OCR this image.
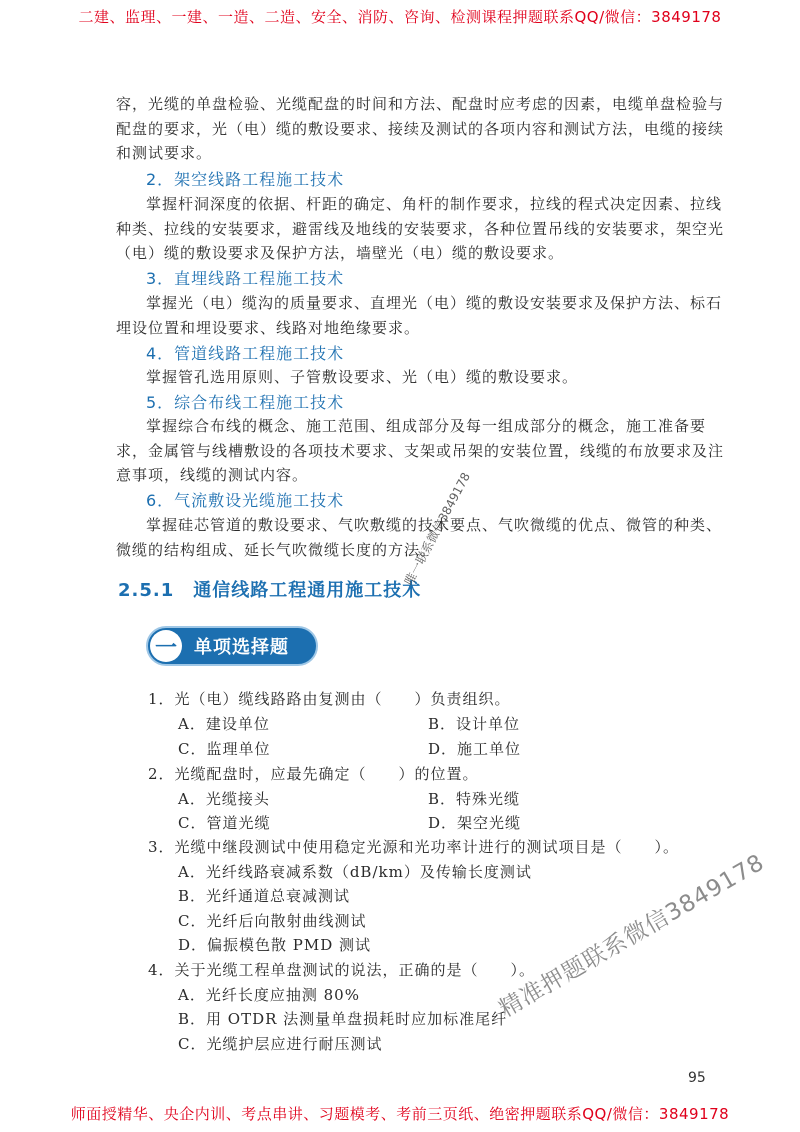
二建、监理、一建、一造、二造、安全、消防、咨询、检测课程押题联系QQ/微信：3849178

容，光缆的单盘检验、光缆配盘的时间和方法、配盘时应考虑的因素，电缆单盘检验与配盘的要求，光（电）缆的敷设要求、接续及测试的各项内容和测试方法，电缆的接续和测试要求。

2．架空线路工程施工技术

掌握杆洞深度的依据、杆距的确定、角杆的制作要求，拉线的程式决定因素、拉线种类、拉线的安装要求，避雷线及地线的安装要求，各种位置吊线的安装要求，架空光（电）缆的敷设要求及保护方法，墙壁光（电）缆的敷设要求。

3．直埋线路工程施工技术

掌握光（电）缆沟的质量要求、直埋光（电）缆的敷设安装要求及保护方法、标石埋设位置和埋设要求、线路对地绝缘要求。

4．管道线路工程施工技术

掌握管孔选用原则、子管敷设要求、光（电）缆的敷设要求。

5．综合布线工程施工技术

掌握综合布线的概念、施工范围、组成部分及每一组成部分的概念，施工准备要求，金属管与线槽敷设的各项技术要求、支架或吊架的安装位置，线缆的布放要求及注意事项，线缆的测试内容。

6．气流敷设光缆施工技术

掌握硅芯管道的敷设要求、气吹敷缆的技术要点、气吹微缆的优点、微管的种类、微缆的结构组成、延长气吹微缆长度的方法。

2.5.1　通信线路工程通用施工技术

一 单项选择题

1．光（电）缆线路路由复测由（　　）负责组织。

A．建设单位	B．设计单位

C．监理单位	D．施工单位

2．光缆配盘时，应最先确定（　　）的位置。

A．光缆接头	B．特殊光缆

C．管道光缆	D．架空光缆

3．光缆中继段测试中使用稳定光源和光功率计进行的测试项目是（　　）。

A．光纤线路衰减系数（dB/km）及传输长度测试

B．光纤通道总衰减测试

C．光纤后向散射曲线测试

D．偏振模色散 PMD 测试

4．关于光缆工程单盘测试的说法，正确的是（　　）。

A．光纤长度应抽测 80%

B．用 OTDR 法测量单盘损耗时应加标准尾纤

C．光缆护层应进行耐压测试

95

唯一联系微信3849178

精准押题联系微信3849178

师面授精华、央企内训、考点串讲、习题模考、考前三页纸、绝密押题联系QQ/微信：3849178
